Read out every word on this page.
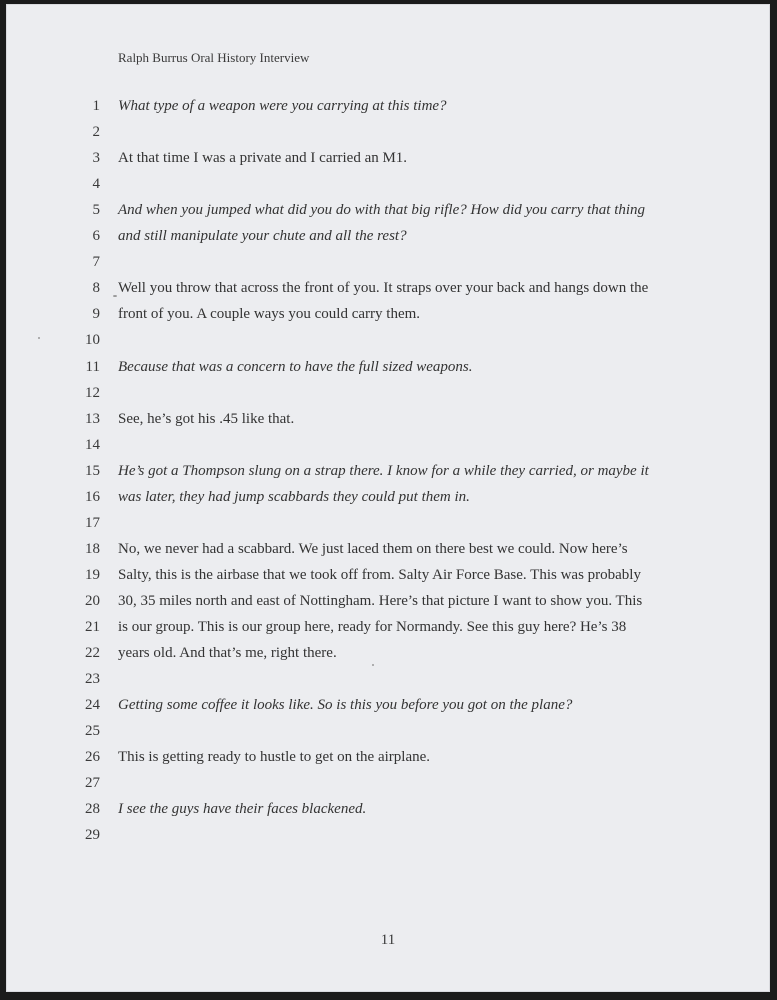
Ralph Burrus Oral History Interview
1 What type of a weapon were you carrying at this time?
2
3 At that time I was a private and I carried an M1.
4
5 And when you jumped what did you do with that big rifle? How did you carry that thing
6 and still manipulate your chute and all the rest?
7
8 Well you throw that across the front of you. It straps over your back and hangs down the
9 front of you. A couple ways you could carry them.
10
11 Because that was a concern to have the full sized weapons.
12
13 See, he’s got his .45 like that.
14
15 He’s got a Thompson slung on a strap there. I know for a while they carried, or maybe it
16 was later, they had jump scabbards they could put them in.
17
18 No, we never had a scabbard. We just laced them on there best we could. Now here’s
19 Salty, this is the airbase that we took off from. Salty Air Force Base. This was probably
20 30, 35 miles north and east of Nottingham. Here’s that picture I want to show you. This
21 is our group. This is our group here, ready for Normandy. See this guy here? He’s 38
22 years old. And that’s me, right there.
23
24 Getting some coffee it looks like. So is this you before you got on the plane?
25
26 This is getting ready to hustle to get on the airplane.
27
28 I see the guys have their faces blackened.
29
11
